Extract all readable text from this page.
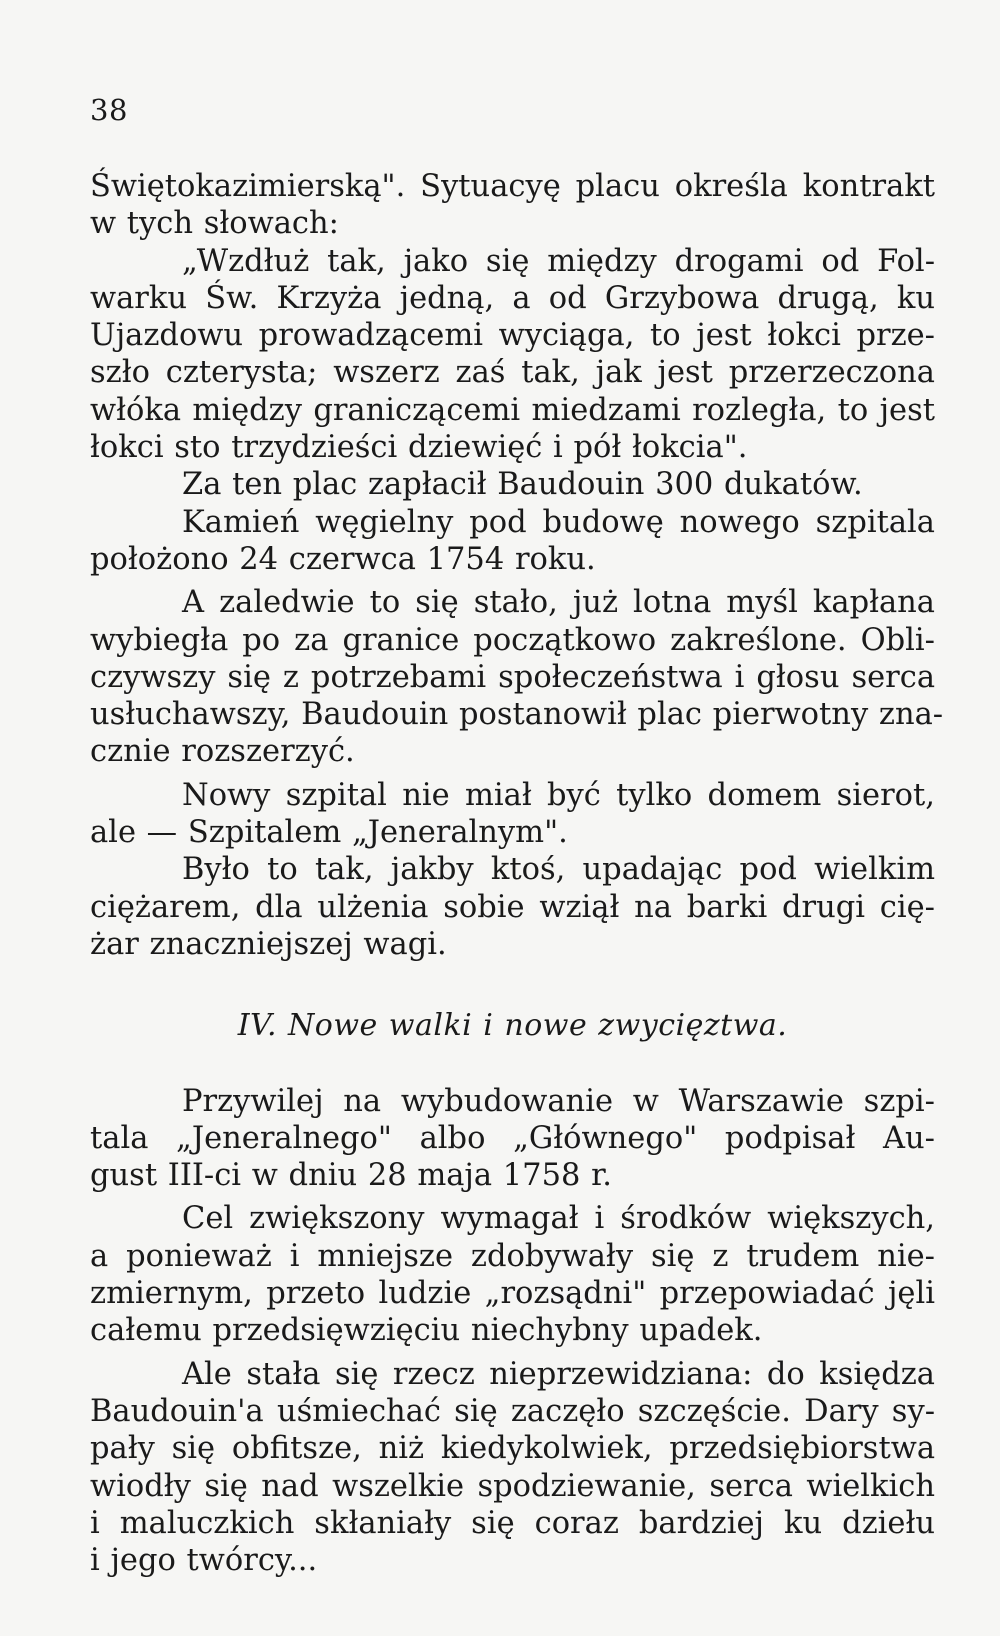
38
Świętokazimierską". Sytuacyę placu określa kontrakt
w tych słowach:
„Wzdłuż tak, jako się między drogami od Fol-
warku Św. Krzyża jedną, a od Grzybowa drugą, ku
Ujazdowu prowadzącemi wyciąga, to jest łokci prze-
szło czterysta; wszerz zaś tak, jak jest przerzeczona
włóka między graniczącemi miedzami rozległa, to jest
łokci sto trzydzieści dziewięć i pół łokcia".
Za ten plac zapłacił Baudouin 300 dukatów.
Kamień węgielny pod budowę nowego szpitala
położono 24 czerwca 1754 roku.
A zaledwie to się stało, już lotna myśl kapłana
wybiegła po za granice początkowo zakreślone. Obli-
czywszy się z potrzebami społeczeństwa i głosu serca
usłuchawszy, Baudouin postanowił plac pierwotny zna-
cznie rozszerzyć.
Nowy szpital nie miał być tylko domem sierot,
ale — Szpitalem „Jeneralnym".
Było to tak, jakby ktoś, upadając pod wielkim
ciężarem, dla ulżenia sobie wziął na barki drugi cię-
żar znaczniejszej wagi.
IV. Nowe walki i nowe zwycięztwa.
Przywilej na wybudowanie w Warszawie szpi-
tala „Jeneralnego" albo „Głównego" podpisał Au-
gust III-ci w dniu 28 maja 1758 r.
Cel zwiększony wymagał i środków większych,
a ponieważ i mniejsze zdobywały się z trudem nie-
zmiernym, przeto ludzie „rozsądni" przepowiadać jęli
całemu przedsięwzięciu niechybny upadek.
Ale stała się rzecz nieprzewidziana: do księdza
Baudouin'a uśmiechać się zaczęło szczęście. Dary sy-
pały się obfitsze, niż kiedykolwiek, przedsiębiorstwa
wiodły się nad wszelkie spodziewanie, serca wielkich
i maluczkich skłaniały się coraz bardziej ku dziełu
i jego twórcy...
